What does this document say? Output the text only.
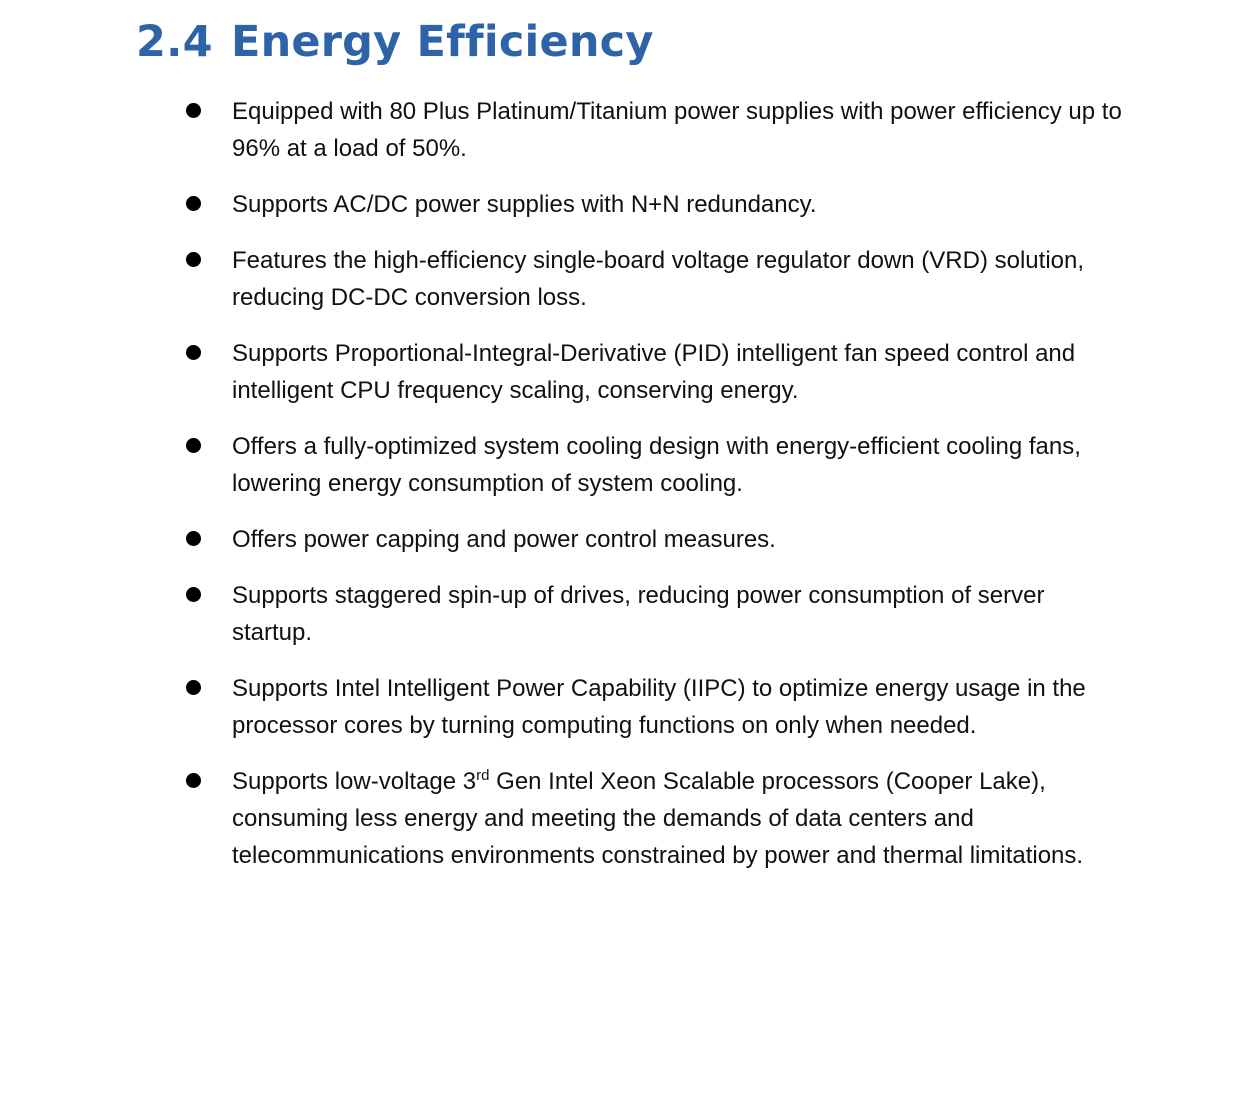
2.4 Energy Efficiency
Equipped with 80 Plus Platinum/Titanium power supplies with power efficiency up to 96% at a load of 50%.
Supports AC/DC power supplies with N+N redundancy.
Features the high-efficiency single-board voltage regulator down (VRD) solution, reducing DC-DC conversion loss.
Supports Proportional-Integral-Derivative (PID) intelligent fan speed control and intelligent CPU frequency scaling, conserving energy.
Offers a fully-optimized system cooling design with energy-efficient cooling fans, lowering energy consumption of system cooling.
Offers power capping and power control measures.
Supports staggered spin-up of drives, reducing power consumption of server startup.
Supports Intel Intelligent Power Capability (IIPC) to optimize energy usage in the processor cores by turning computing functions on only when needed.
Supports low-voltage 3rd Gen Intel Xeon Scalable processors (Cooper Lake), consuming less energy and meeting the demands of data centers and telecommunications environments constrained by power and thermal limitations.
